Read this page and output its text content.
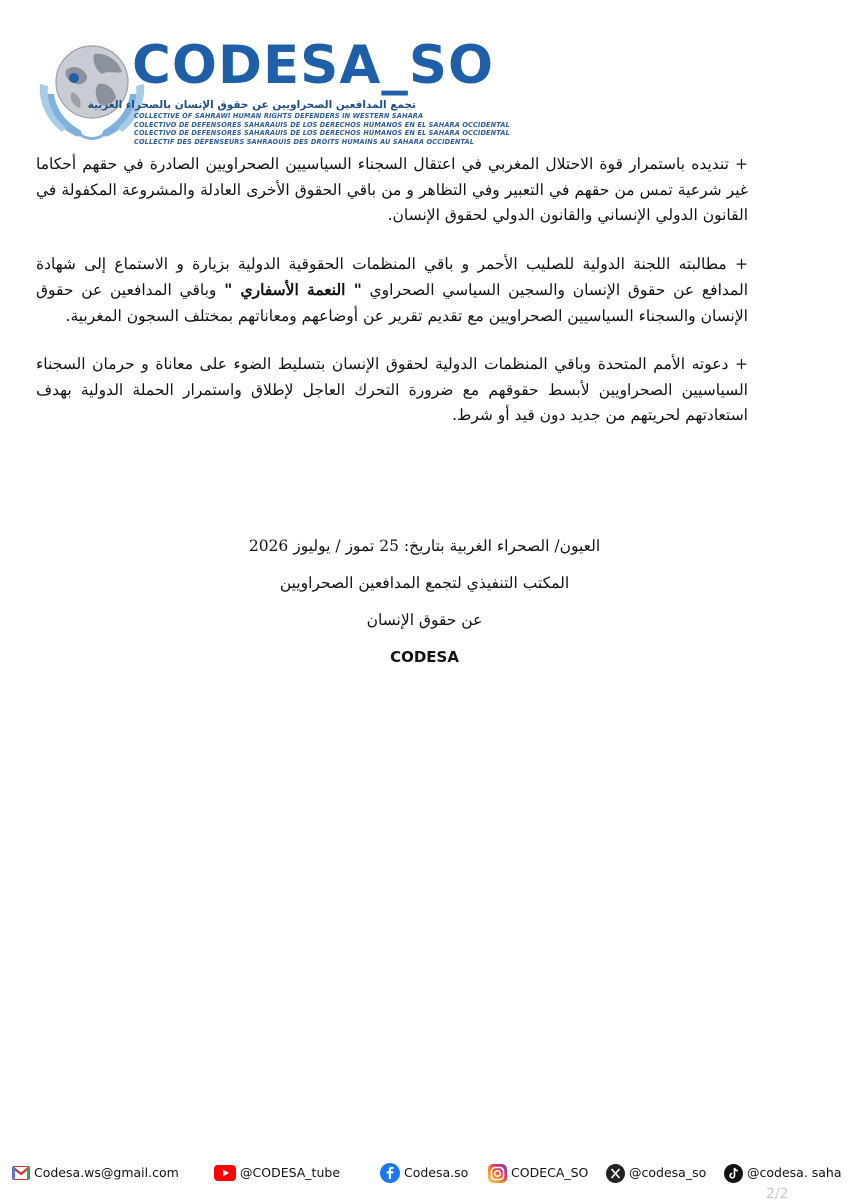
CODESA_SO
تجمع المدافعين الصحراويين عن حقوق الإنسان بالصحراء الغربية
COLLECTIVE OF SAHRAWI HUMAN RIGHTS DEFENDERS IN WESTERN SAHARA
COLECTIVO DE DEFENSORES SAHARAUIS DE LOS DERECHOS HUMANOS EN EL SAHARA OCCIDENTAL
COLECTIVO DE DEFENSORES SAHARAUIS DE LOS DERECHOS HUMANOS EN EL SAHARA OCCIDENTAL
COLLECTIF DES DÉFENSEURS SAHRAOUIS DES DROITS HUMAINS AU SAHARA OCCIDENTAL

+ تنديده باستمرار قوة الاحتلال المغربي في اعتقال السجناء السياسيين الصحراويين الصادرة في حقهم أحكاما غير شرعية تمس من حقهم في التعبير وفي التظاهر و من باقي الحقوق الأخرى العادلة والمشروعة المكفولة في القانون الدولي الإنساني والقانون الدولي لحقوق الإنسان.

+ مطالبته اللجنة الدولية للصليب الأحمر و باقي المنظمات الحقوقية الدولية بزيارة و الاستماع إلى شهادة المدافع عن حقوق الإنسان والسجين السياسي الصحراوي " النعمة الأسفاري " وباقي المدافعين عن حقوق الإنسان والسجناء السياسيين الصحراويين مع تقديم تقرير عن أوضاعهم ومعاناتهم بمختلف السجون المغربية.

+ دعوته الأمم المتحدة وباقي المنظمات الدولية لحقوق الإنسان بتسليط الضوء على معاناة و حرمان السجناء السياسيين الصحراويين لأبسط حقوقهم مع ضرورة التحرك العاجل لإطلاق واستمرار الحملة الدولية بهدف استعادتهم لحريتهم من جديد دون قيد أو شرط.

العيون/ الصحراء الغربية بتاريخ: 25 تموز / يوليوز 2026
المكتب التنفيذي لتجمع المدافعين الصحراويين
عن حقوق الإنسان
CODESA
Codesa.ws@gmail.com	@CODESA_tube	Codesa.so	CODECA_SO	@codesa_so	@codesa. saha
2/2
